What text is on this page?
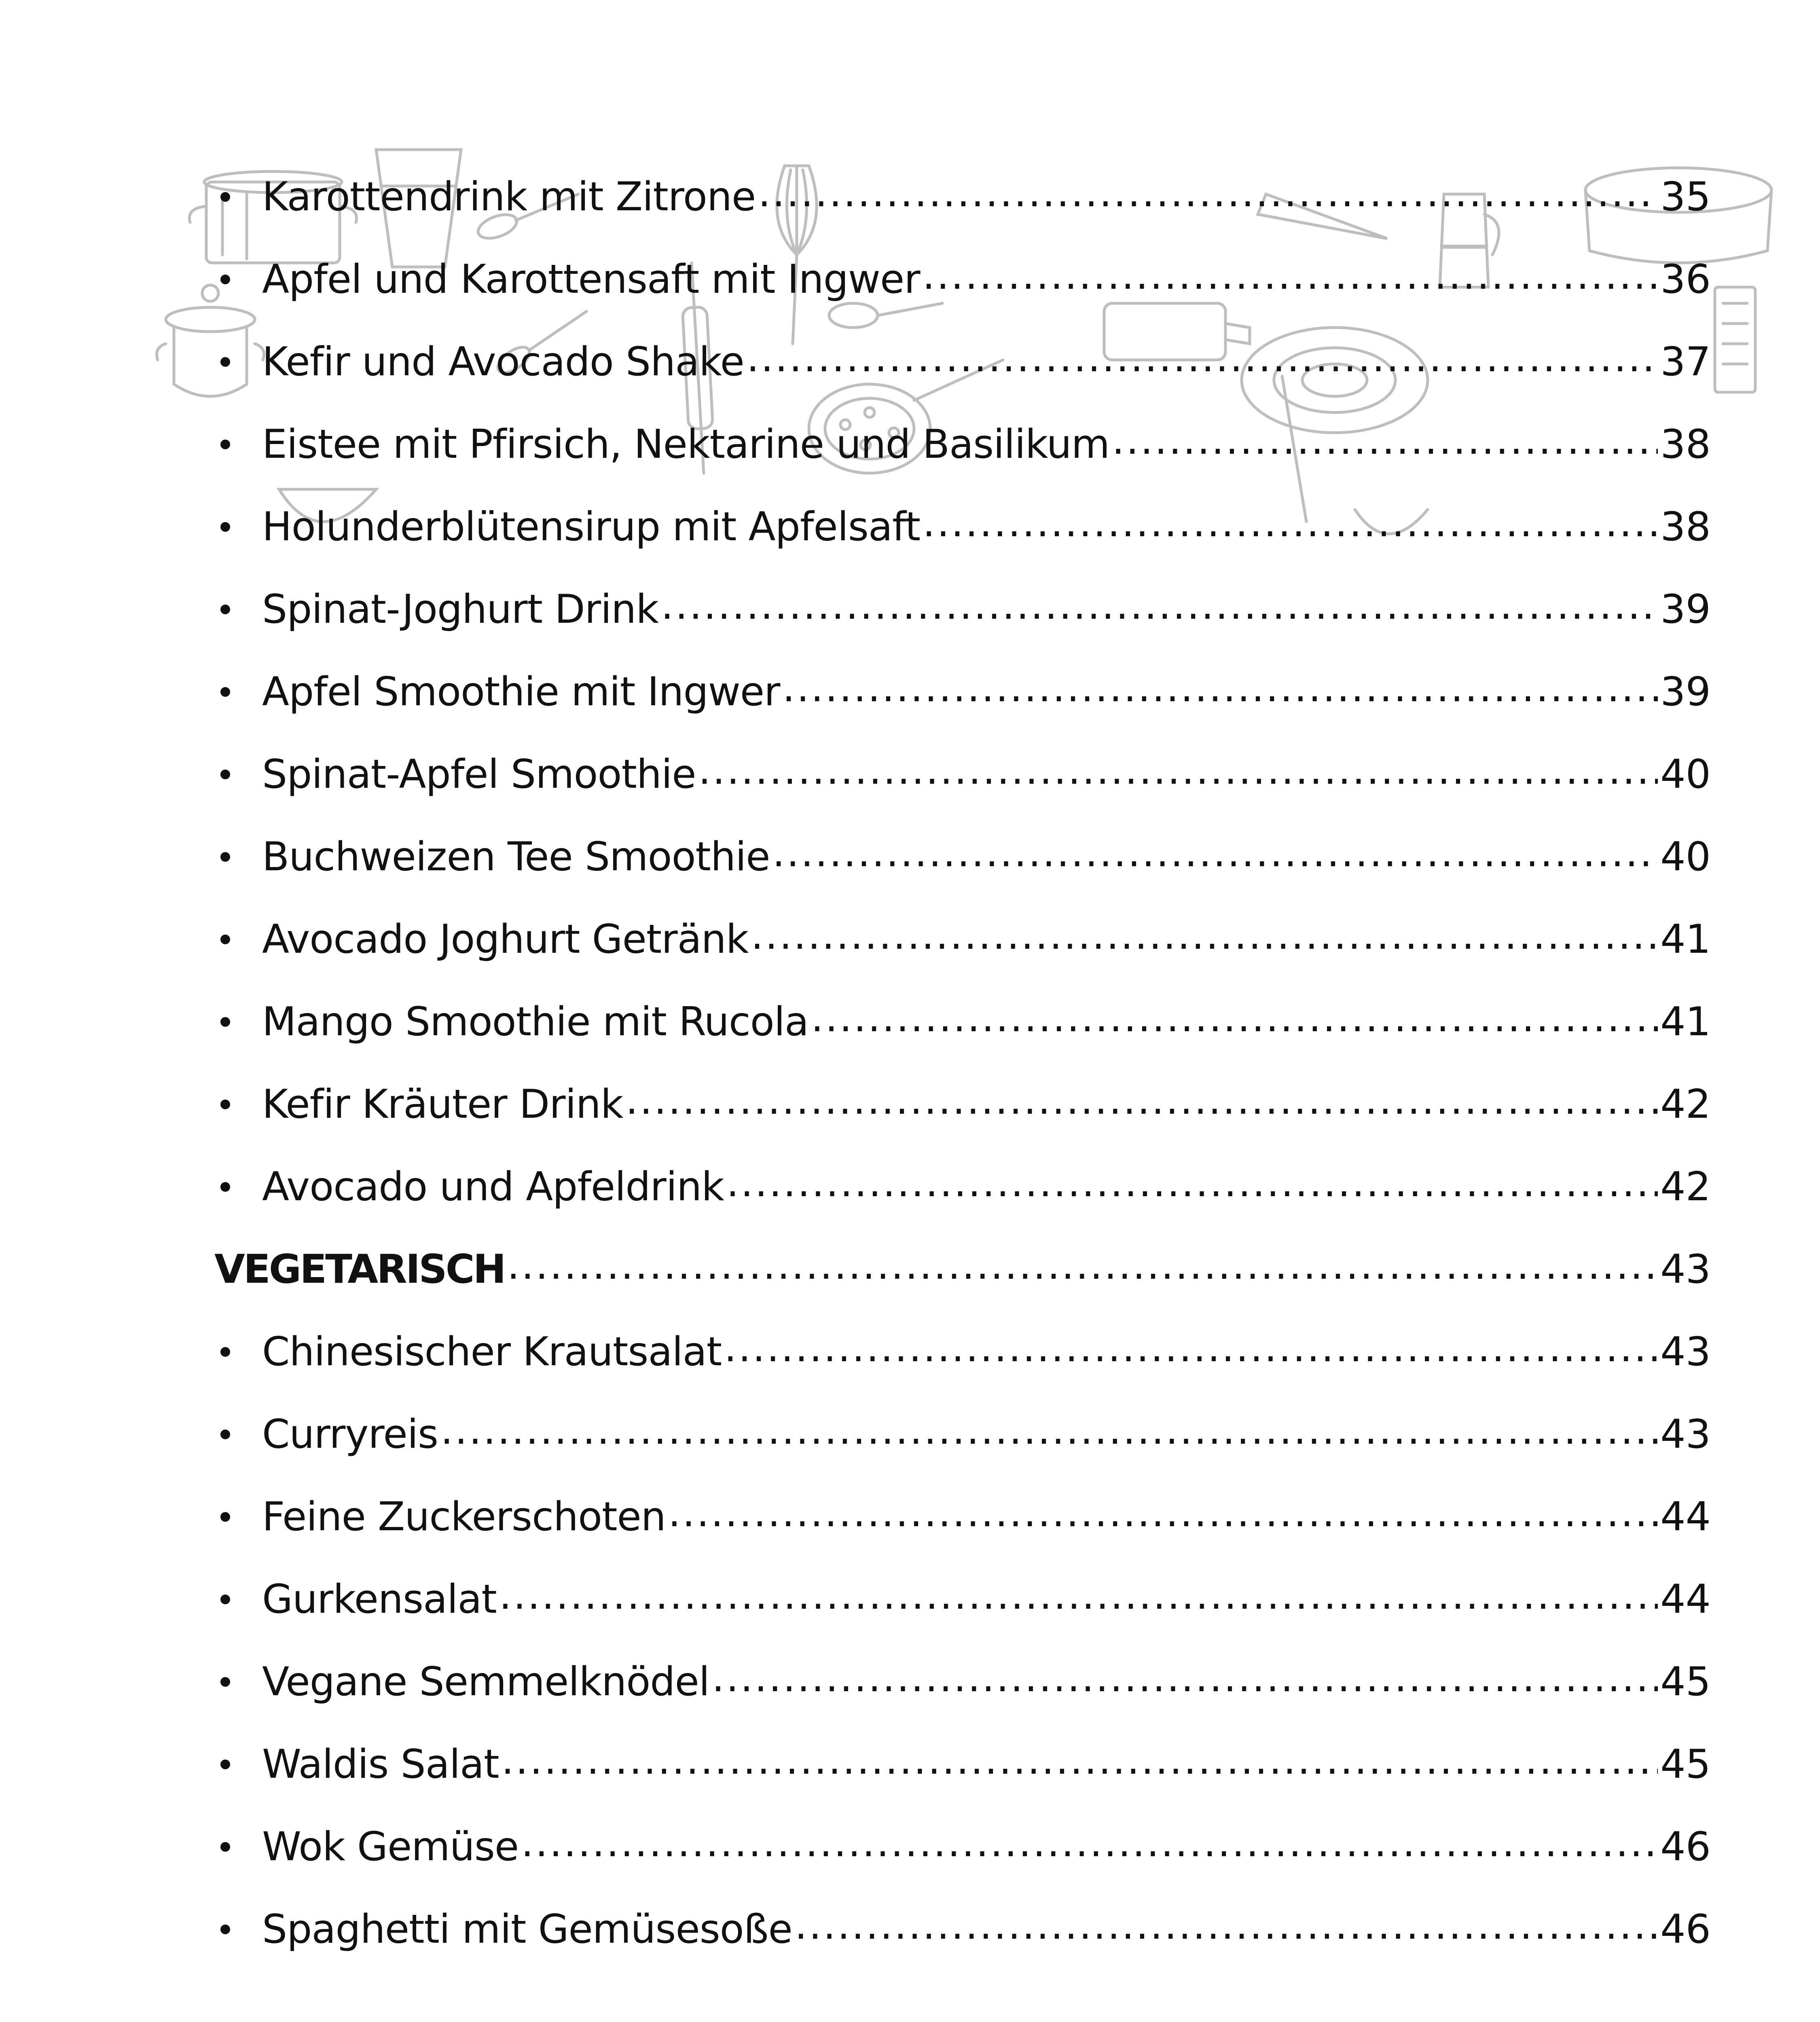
Karottendrink mit Zitrone .....	35
Apfel und Karottensaft mit Ingwer .....	36
Kefir und Avocado Shake .....	37
Eistee mit Pfirsich, Nektarine und Basilikum .....	38
Holunderblütensirup mit Apfelsaft .....	38
Spinat-Joghurt Drink .....	39
Apfel Smoothie mit Ingwer .....	39
Spinat-Apfel Smoothie .....	40
Buchweizen Tee Smoothie .....	40
Avocado Joghurt Getränk .....	41
Mango Smoothie mit Rucola .....	41
Kefir Kräuter Drink .....	42
Avocado und Apfeldrink .....	42
VEGETARISCH .....	43
Chinesischer Krautsalat .....	43
Curryreis .....	43
Feine Zuckerschoten .....	44
Gurkensalat .....	44
Vegane Semmelknödel .....	45
Waldis Salat .....	45
Wok Gemüse .....	46
Spaghetti mit Gemüsesoße .....	46
